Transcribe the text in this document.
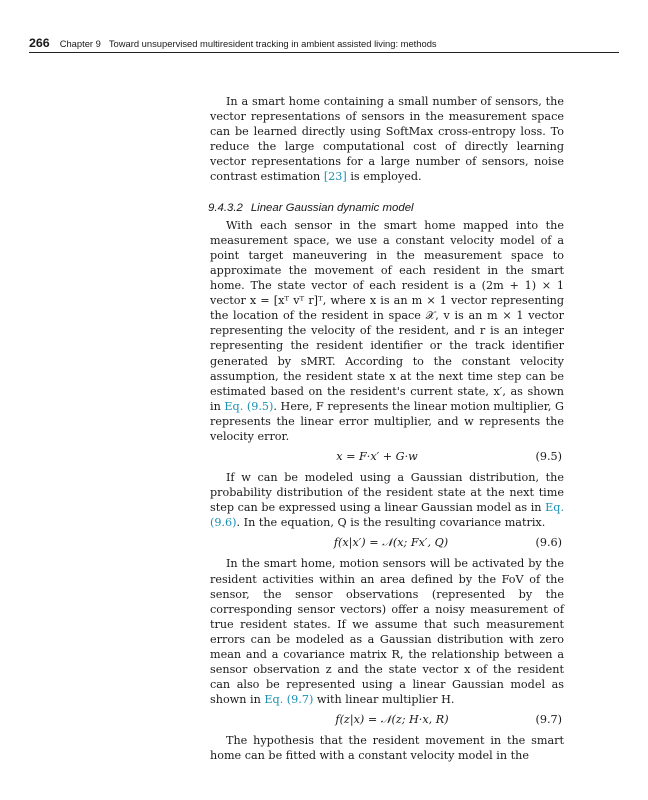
266 Chapter 9 Toward unsupervised multiresident tracking in ambient assisted living: methods

In a smart home containing a small number of sensors, the vector representations of sensors in the measurement space can be learned directly using SoftMax cross-entropy loss. To reduce the large computational cost of directly learning vector representations for a large number of sensors, noise contrast estimation [23] is employed.

9.4.3.2 Linear Gaussian dynamic model

With each sensor in the smart home mapped into the measurement space, we use a constant velocity model of a point target maneuvering in the measurement space to approximate the movement of each resident in the smart home. The state vector of each resident is a (2m + 1) × 1 vector x = [xᵀ vᵀ r]ᵀ, where x is an m × 1 vector representing the location of the resident in space 𝒳, v is an m × 1 vector representing the velocity of the resident, and r is an integer representing the resident identifier or the track identifier generated by sMRT. According to the constant velocity assumption, the resident state x at the next time step can be estimated based on the resident's current state, x′, as shown in Eq. (9.5). Here, F represents the linear motion multiplier, G represents the linear error multiplier, and w represents the velocity error.

x = F·x′ + G·w	(9.5)

If w can be modeled using a Gaussian distribution, the probability distribution of the resident state at the next time step can be expressed using a linear Gaussian model as in Eq. (9.6). In the equation, Q is the resulting covariance matrix.

f(x|x′) = 𝒩(x; Fx′, Q)	(9.6)

In the smart home, motion sensors will be activated by the resident activities within an area defined by the FoV of the sensor, the sensor observations (represented by the corresponding sensor vectors) offer a noisy measurement of true resident states. If we assume that such measurement errors can be modeled as a Gaussian distribution with zero mean and a covariance matrix R, the relationship between a sensor observation z and the state vector x of the resident can also be represented using a linear Gaussian model as shown in Eq. (9.7) with linear multiplier H.

f(z|x) = 𝒩(z; H·x, R)	(9.7)

The hypothesis that the resident movement in the smart home can be fitted with a constant velocity model in the
